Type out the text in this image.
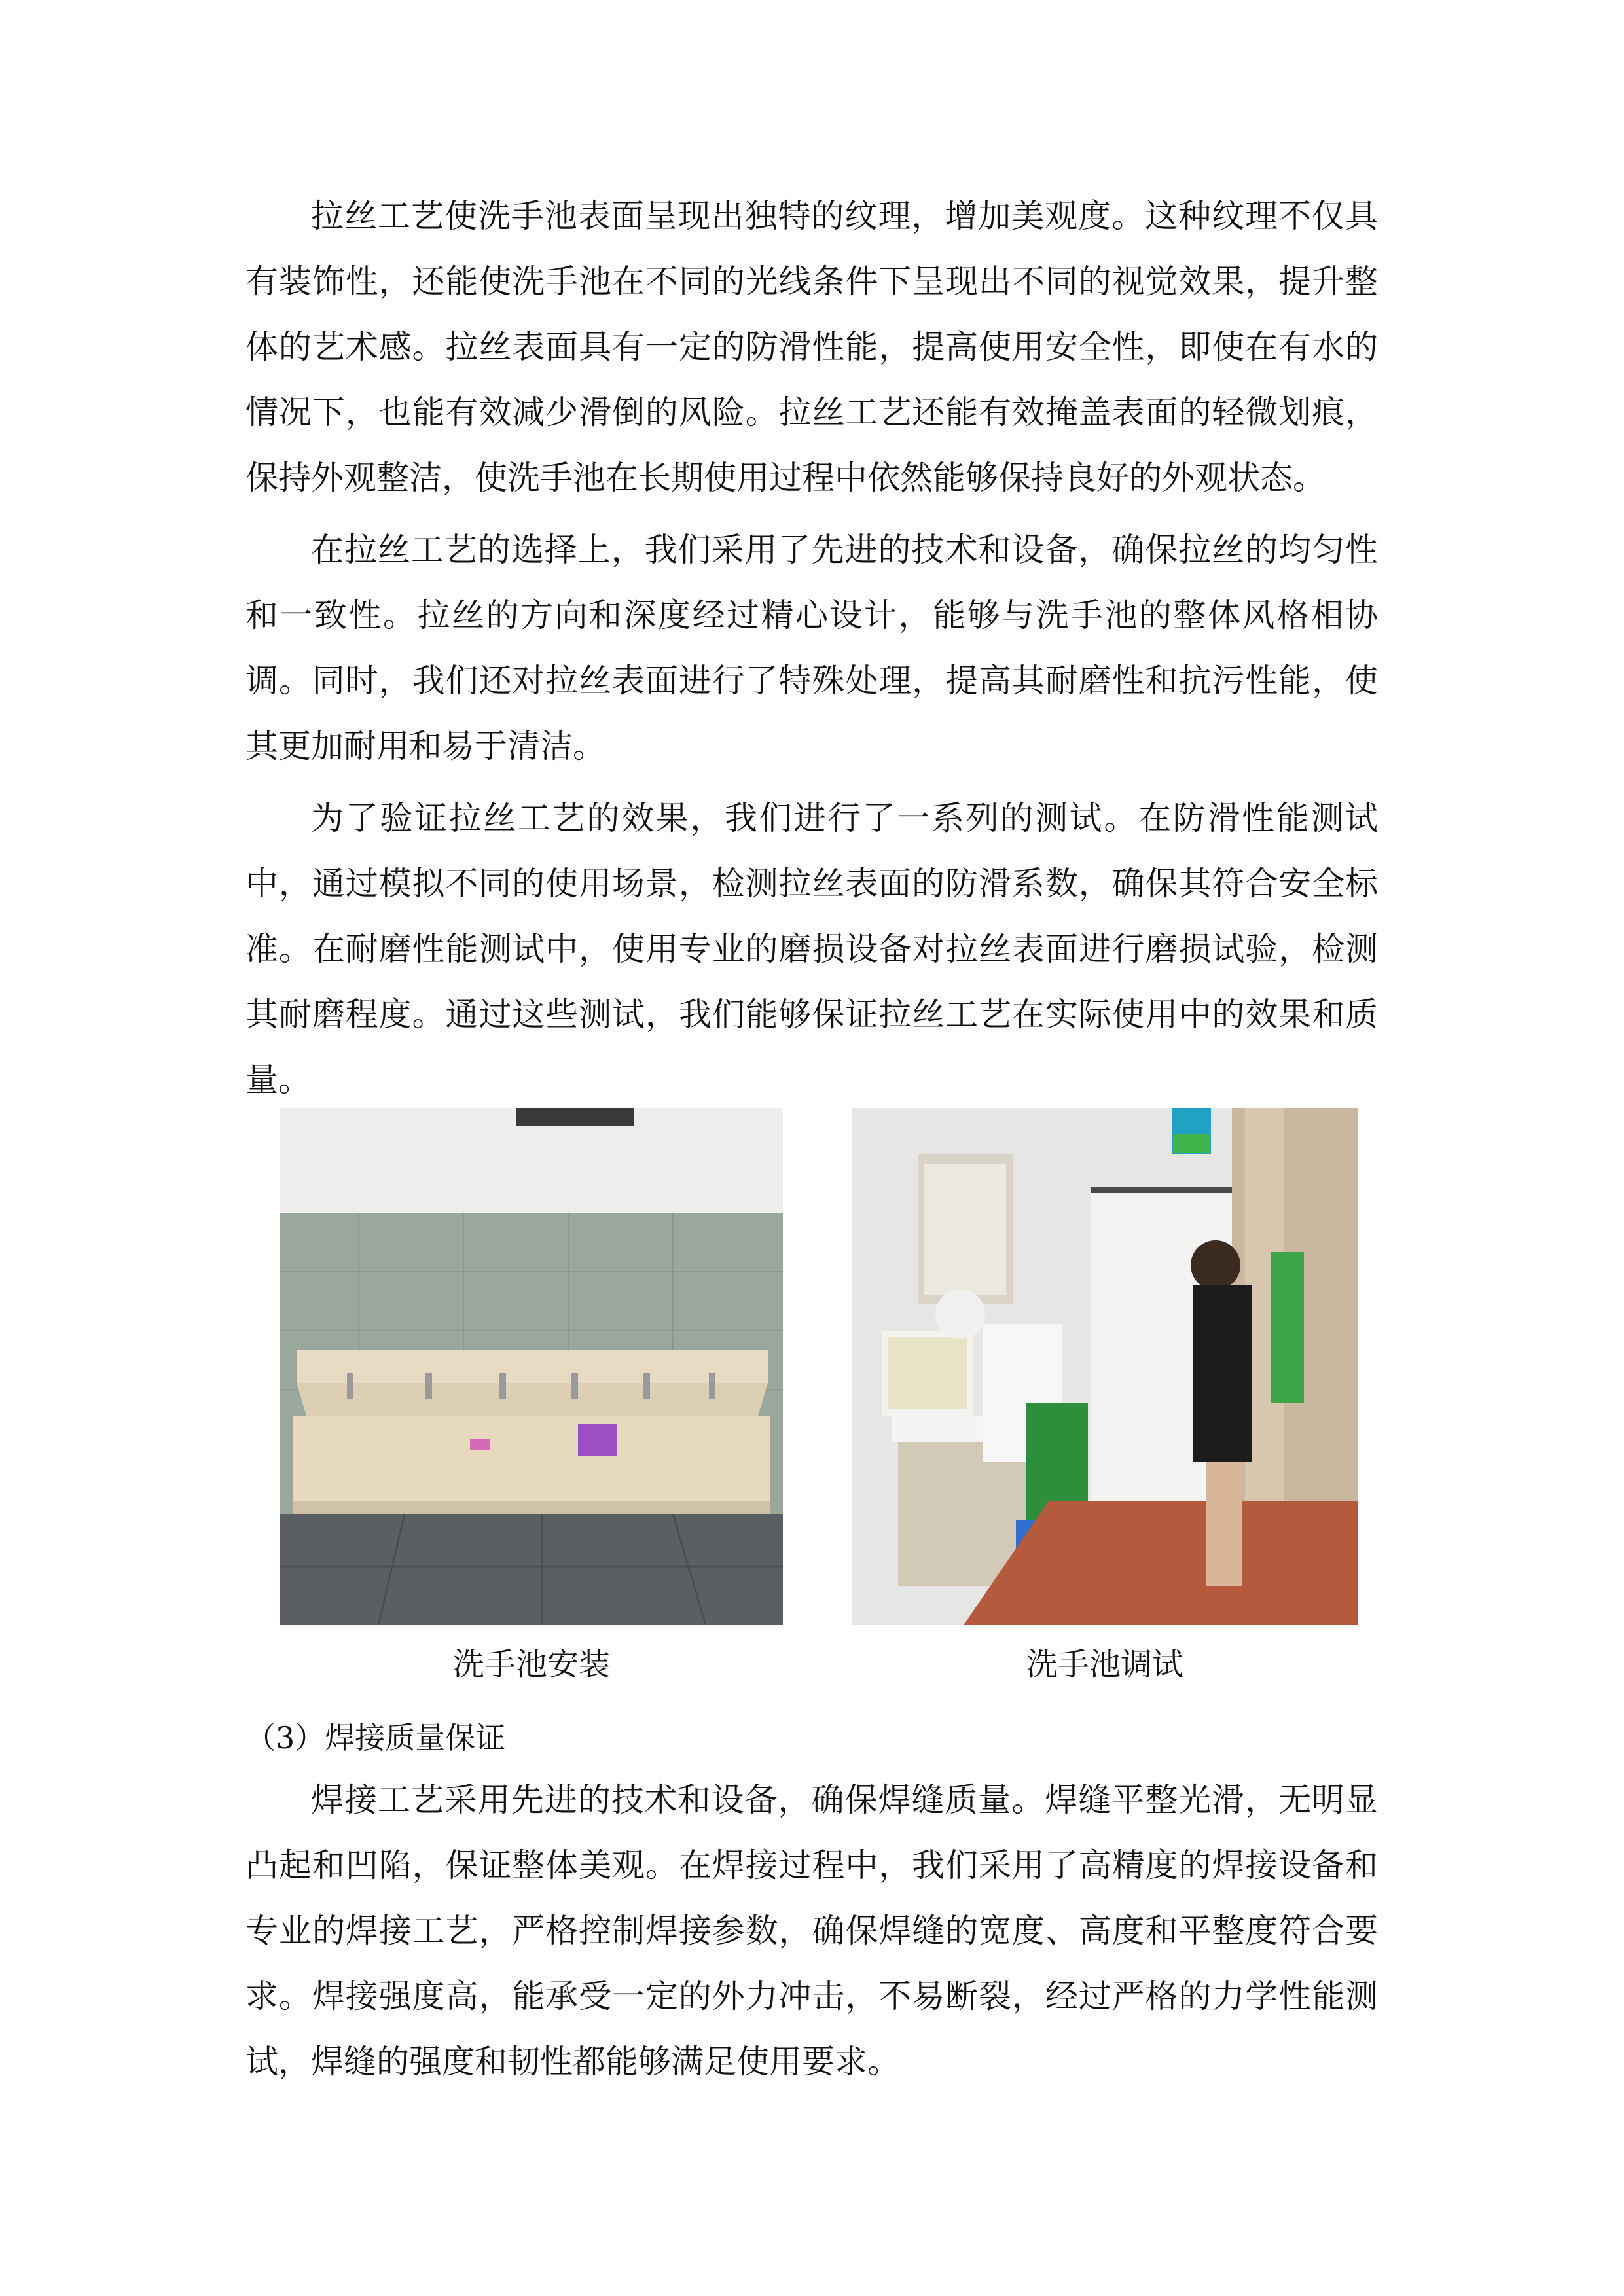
拉丝工艺使洗手池表面呈现出独特的纹理，增加美观度。这种纹理不仅具有装饰性，还能使洗手池在不同的光线条件下呈现出不同的视觉效果，提升整体的艺术感。拉丝表面具有一定的防滑性能，提高使用安全性，即使在有水的情况下，也能有效减少滑倒的风险。拉丝工艺还能有效掩盖表面的轻微划痕，保持外观整洁，使洗手池在长期使用过程中依然能够保持良好的外观状态。

在拉丝工艺的选择上，我们采用了先进的技术和设备，确保拉丝的均匀性和一致性。拉丝的方向和深度经过精心设计，能够与洗手池的整体风格相协调。同时，我们还对拉丝表面进行了特殊处理，提高其耐磨性和抗污性能，使其更加耐用和易于清洁。

为了验证拉丝工艺的效果，我们进行了一系列的测试。在防滑性能测试中，通过模拟不同的使用场景，检测拉丝表面的防滑系数，确保其符合安全标准。在耐磨性能测试中，使用专业的磨损设备对拉丝表面进行磨损试验，检测其耐磨程度。通过这些测试，我们能够保证拉丝工艺在实际使用中的效果和质量。

洗手池安装	洗手池调试

（3）焊接质量保证

焊接工艺采用先进的技术和设备，确保焊缝质量。焊缝平整光滑，无明显凸起和凹陷，保证整体美观。在焊接过程中，我们采用了高精度的焊接设备和专业的焊接工艺，严格控制焊接参数，确保焊缝的宽度、高度和平整度符合要求。焊接强度高，能承受一定的外力冲击，不易断裂，经过严格的力学性能测试，焊缝的强度和韧性都能够满足使用要求。
